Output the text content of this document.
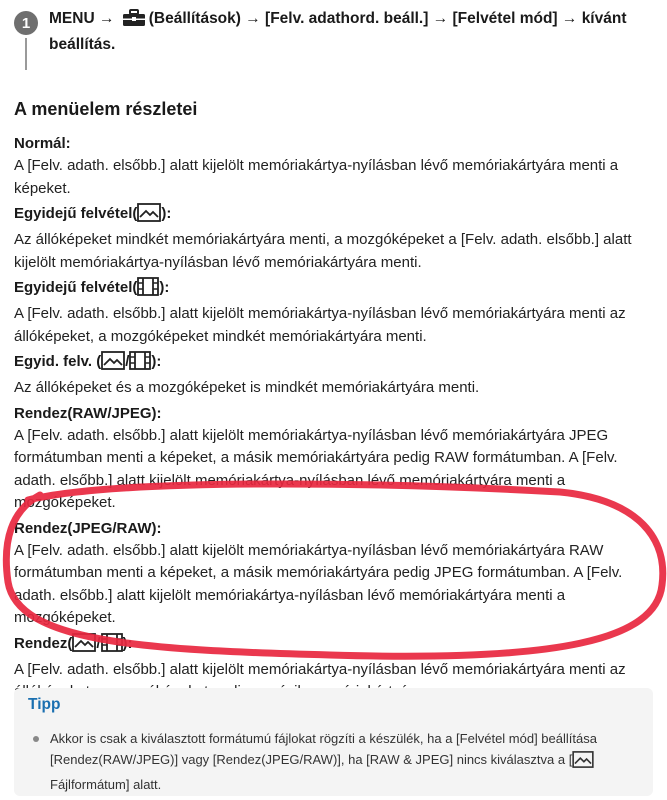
1	MENU → (Beállítások) → [Felv. adathord. beáll.] → [Felvétel mód] → kívánt beállítás.
A menüelem részletei
Normál:
A [Felv. adath. elsőbb.] alatt kijelölt memóriakártya-nyílásban lévő memóriakártyára menti a képeket.
Egyidejű felvétel( ):
Az állóképeket mindkét memóriakártyára menti, a mozgóképeket a [Felv. adath. elsőbb.] alatt kijelölt memóriakártya-nyílásban lévő memóriakártyára menti.
Egyidejű felvétel( ):
A [Felv. adath. elsőbb.] alatt kijelölt memóriakártya-nyílásban lévő memóriakártyára menti az állóképeket, a mozgóképeket mindkét memóriakártyára menti.
Egyid. felv. ( / ):
Az állóképeket és a mozgóképeket is mindkét memóriakártyára menti.
Rendez(RAW/JPEG):
A [Felv. adath. elsőbb.] alatt kijelölt memóriakártya-nyílásban lévő memóriakártyára JPEG formátumban menti a képeket, a másik memóriakártyára pedig RAW formátumban. A [Felv. adath. elsőbb.] alatt kijelölt memóriakártya-nyílásban lévő memóriakártyára menti a mozgóképeket.
Rendez(JPEG/RAW):
A [Felv. adath. elsőbb.] alatt kijelölt memóriakártya-nyílásban lévő memóriakártyára RAW formátumban menti a képeket, a másik memóriakártyára pedig JPEG formátumban. A [Felv. adath. elsőbb.] alatt kijelölt memóriakártya-nyílásban lévő memóriakártyára menti a mozgóképeket.
Rendez( / ):
A [Felv. adath. elsőbb.] alatt kijelölt memóriakártya-nyílásban lévő memóriakártyára menti az
Tipp
Akkor is csak a kiválasztott formátumú fájlokat rögzíti a készülék, ha a [Felvétel mód] beállítása [Rendez(RAW/JPEG)] vagy [Rendez(JPEG/RAW)], ha [RAW & JPEG] nincs kiválasztva a [
Fájlformátum] alatt.
